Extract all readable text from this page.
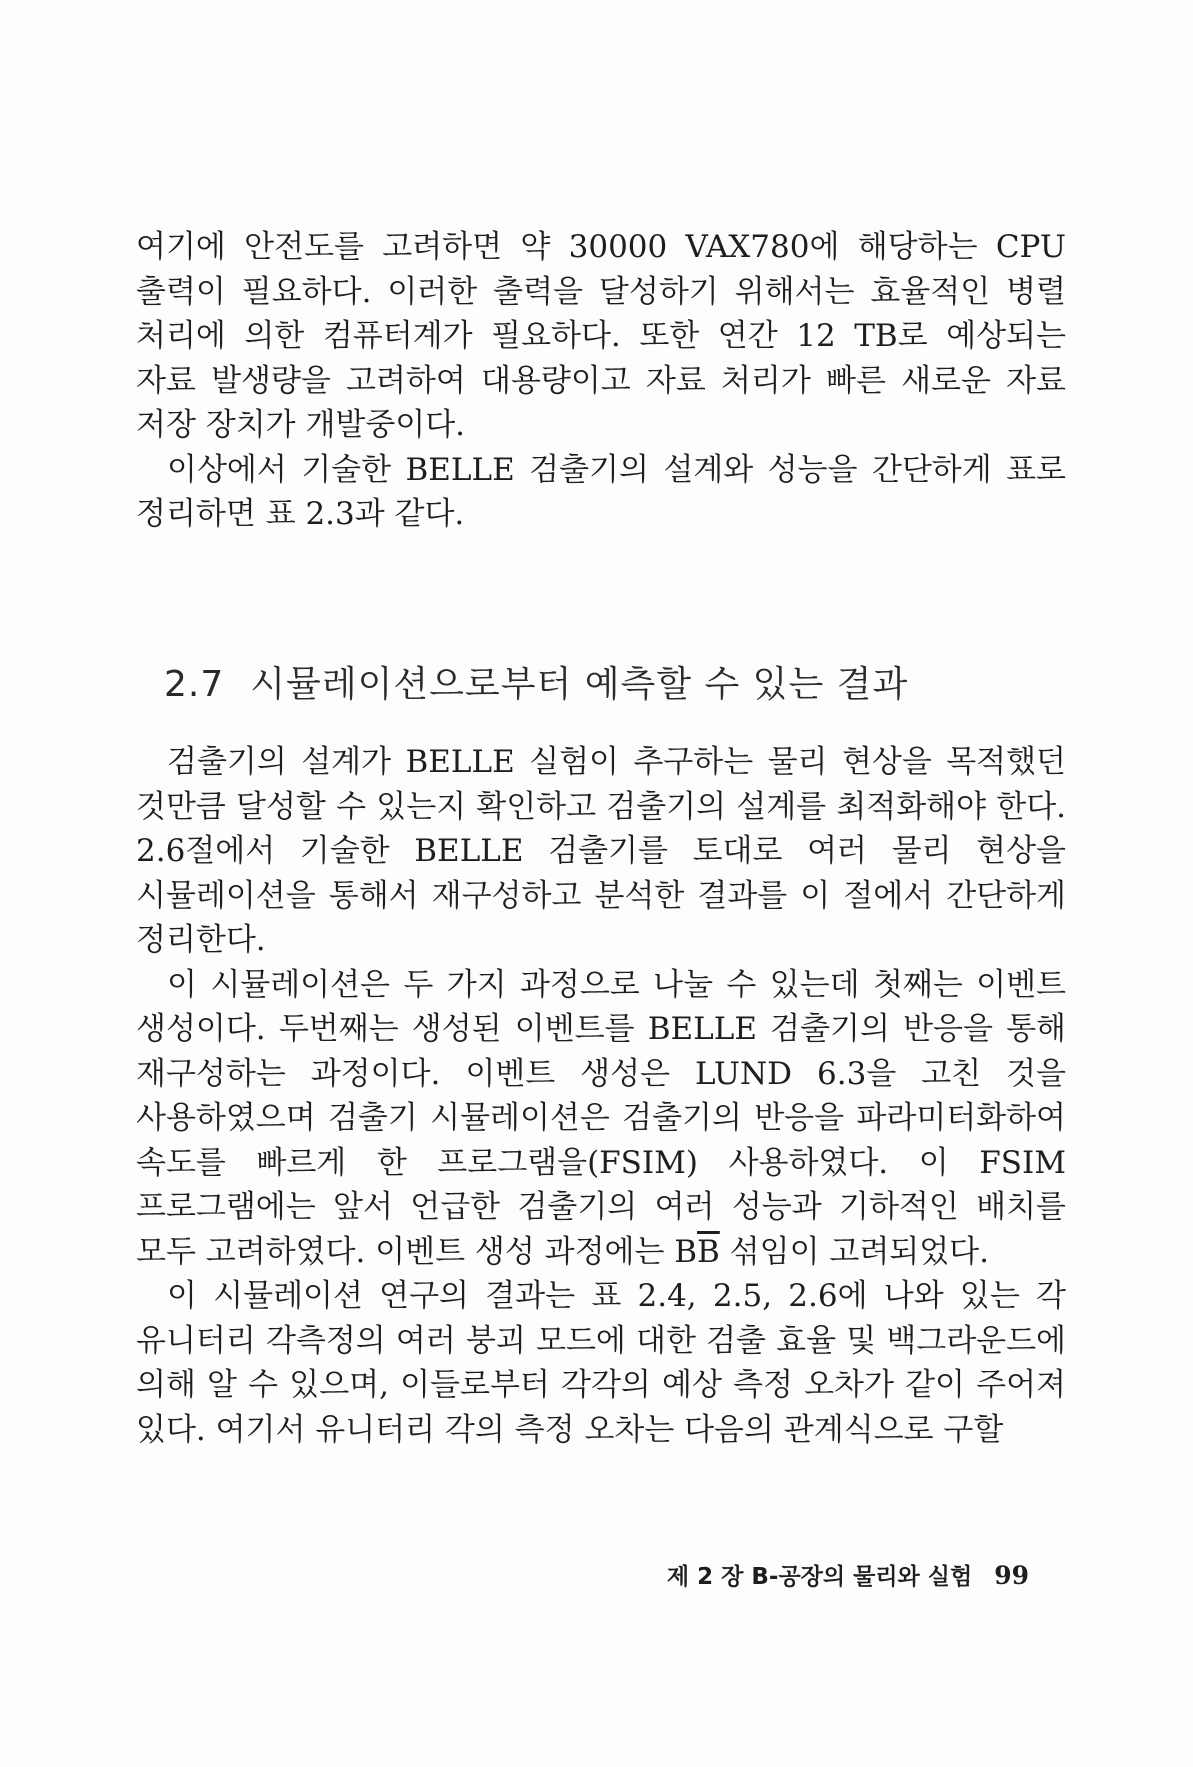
여기에 안전도를 고려하면 약 30000 VAX780에 해당하는 CPU 출력이 필요하다. 이러한 출력을 달성하기 위해서는 효율적인 병렬 처리에 의한 컴퓨터계가 필요하다. 또한 연간 12 TB로 예상되는 자료 발생량을 고려하여 대용량이고 자료 처리가 빠른 새로운 자료 저장 장치가 개발중이다.

이상에서 기술한 BELLE 검출기의 설계와 성능을 간단하게 표로 정리하면 표 2.3과 같다.

2.7 시뮬레이션으로부터 예측할 수 있는 결과

검출기의 설계가 BELLE 실험이 추구하는 물리 현상을 목적했던 것만큼 달성할 수 있는지 확인하고 검출기의 설계를 최적화해야 한다. 2.6절에서 기술한 BELLE 검출기를 토대로 여러 물리 현상을 시뮬레이션을 통해서 재구성하고 분석한 결과를 이 절에서 간단하게 정리한다.

이 시뮬레이션은 두 가지 과정으로 나눌 수 있는데 첫째는 이벤트 생성이다. 두번째는 생성된 이벤트를 BELLE 검출기의 반응을 통해 재구성하는 과정이다. 이벤트 생성은 LUND 6.3을 고친 것을 사용하였으며 검출기 시뮬레이션은 검출기의 반응을 파라미터화하여 속도를 빠르게 한 프로그램을(FSIM) 사용하였다. 이 FSIM 프로그램에는 앞서 언급한 검출기의 여러 성능과 기하적인 배치를 모두 고려하였다. 이벤트 생성 과정에는 $B\overline{B}$ 섞임이 고려되었다.

이 시뮬레이션 연구의 결과는 표 2.4, 2.5, 2.6에 나와 있는 각 유니터리 각측정의 여러 붕괴 모드에 대한 검출 효율 및 백그라운드에 의해 알 수 있으며, 이들로부터 각각의 예상 측정 오차가 같이 주어져 있다. 여기서 유니터리 각의 측정 오차는 다음의 관계식으로 구할

제 2 장 B-공장의 물리와 실험 99
